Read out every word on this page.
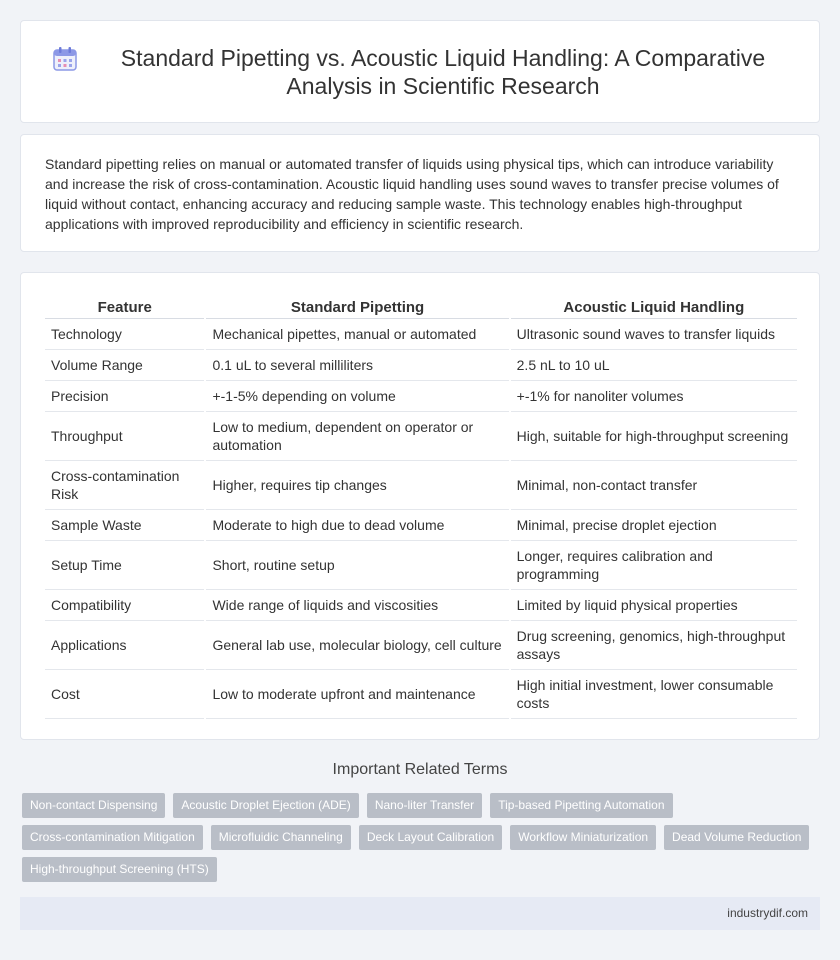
Standard Pipetting vs. Acoustic Liquid Handling: A Comparative Analysis in Scientific Research

Standard pipetting relies on manual or automated transfer of liquids using physical tips, which can introduce variability and increase the risk of cross-contamination. Acoustic liquid handling uses sound waves to transfer precise volumes of liquid without contact, enhancing accuracy and reducing sample waste. This technology enables high-throughput applications with improved reproducibility and efficiency in scientific research.

Feature	Standard Pipetting	Acoustic Liquid Handling
Technology	Mechanical pipettes, manual or automated	Ultrasonic sound waves to transfer liquids
Volume Range	0.1 uL to several milliliters	2.5 nL to 10 uL
Precision	+-1-5% depending on volume	+-1% for nanoliter volumes
Throughput	Low to medium, dependent on operator or automation	High, suitable for high-throughput screening
Cross-contamination Risk	Higher, requires tip changes	Minimal, non-contact transfer
Sample Waste	Moderate to high due to dead volume	Minimal, precise droplet ejection
Setup Time	Short, routine setup	Longer, requires calibration and programming
Compatibility	Wide range of liquids and viscosities	Limited by liquid physical properties
Applications	General lab use, molecular biology, cell culture	Drug screening, genomics, high-throughput assays
Cost	Low to moderate upfront and maintenance	High initial investment, lower consumable costs
Important Related Terms
Non-contact Dispensing	Acoustic Droplet Ejection (ADE)	Nano-liter Transfer	Tip-based Pipetting Automation
Cross-contamination Mitigation	Microfluidic Channeling	Deck Layout Calibration	Workflow Miniaturization	Dead Volume Reduction
High-throughput Screening (HTS)
industrydif.com
